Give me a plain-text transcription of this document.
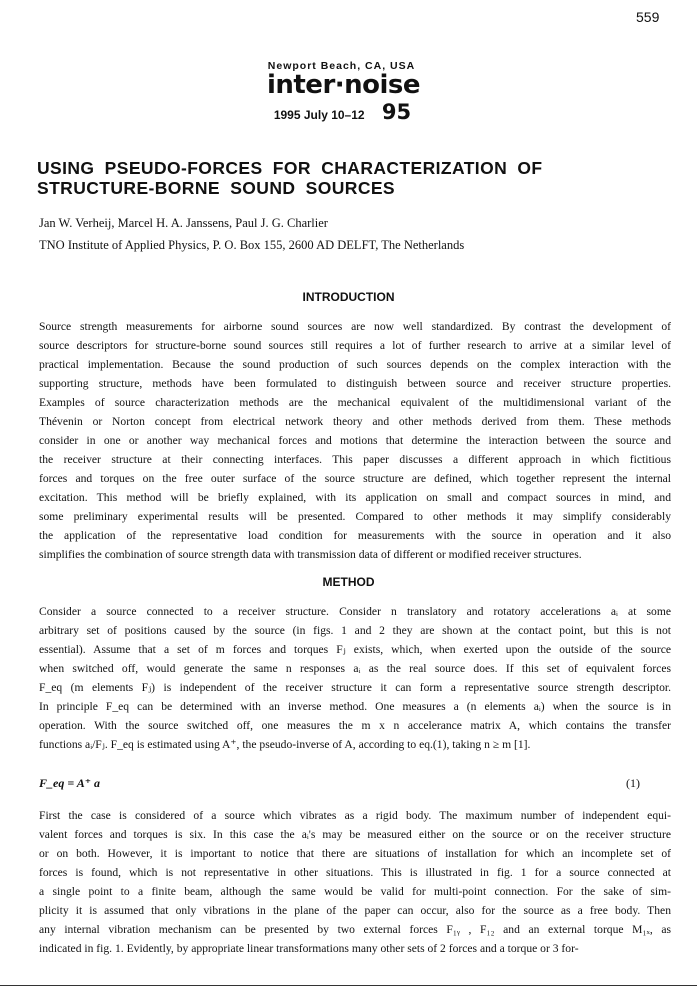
559
Newport Beach, CA, USA
inter·noise
1995 July 10–12 95
USING PSEUDO-FORCES FOR CHARACTERIZATION OF
STRUCTURE-BORNE SOUND SOURCES
Jan W. Verheij, Marcel H. A. Janssens, Paul J. G. Charlier
TNO Institute of Applied Physics, P. O. Box 155, 2600 AD DELFT, The Netherlands
INTRODUCTION
Source strength measurements for airborne sound sources are now well standardized. By contrast the development of
source descriptors for structure-borne sound sources still requires a lot of further research to arrive at a similar level of
practical implementation. Because the sound production of such sources depends on the complex interaction with the
supporting structure, methods have been formulated to distinguish between source and receiver structure properties.
Examples of source characterization methods are the mechanical equivalent of the multidimensional variant of the
Thévenin or Norton concept from electrical network theory and other methods derived from them. These methods
consider in one or another way mechanical forces and motions that determine the interaction between the source and
the receiver structure at their connecting interfaces. This paper discusses a different approach in which fictitious
forces and torques on the free outer surface of the source structure are defined, which together represent the internal
excitation. This method will be briefly explained, with its application on small and compact sources in mind, and
some preliminary experimental results will be presented. Compared to other methods it may simplify considerably
the application of the representative load condition for measurements with the source in operation and it also
simplifies the combination of source strength data with transmission data of different or modified receiver structures.
METHOD
Consider a source connected to a receiver structure. Consider n translatory and rotatory accelerations aᵢ at some
arbitrary set of positions caused by the source (in figs. 1 and 2 they are shown at the contact point, but this is not
essential). Assume that a set of m forces and torques Fⱼ exists, which, when exerted upon the outside of the source
when switched off, would generate the same n responses aᵢ as the real source does. If this set of equivalent forces
F_eq (m elements Fⱼ) is independent of the receiver structure it can form a representative source strength descriptor.
In principle F_eq can be determined with an inverse method. One measures a (n elements aᵢ) when the source is in
operation. With the source switched off, one measures the m x n accelerance matrix A, which contains the transfer
functions aᵢ/Fⱼ. F_eq is estimated using A⁺, the pseudo-inverse of A, according to eq.(1), taking n ≥ m [1].
F_eq = A⁺ a	(1)
First the case is considered of a source which vibrates as a rigid body. The maximum number of independent equi-
valent forces and torques is six. In this case the aᵢ's may be measured either on the source or on the receiver structure
or on both. However, it is important to notice that there are situations of installation for which an incomplete set of
forces is found, which is not representative in other situations. This is illustrated in fig. 1 for a source connected at
a single point to a finite beam, although the same would be valid for multi-point connection. For the sake of sim-
plicity it is assumed that only vibrations in the plane of the paper can occur, also for the source as a free body. Then
any internal vibration mechanism can be presented by two external forces F₁ᵧ , F₁₂ and an external torque M₁ₓ, as
indicated in fig. 1. Evidently, by appropriate linear transformations many other sets of 2 forces and a torque or 3 for-
